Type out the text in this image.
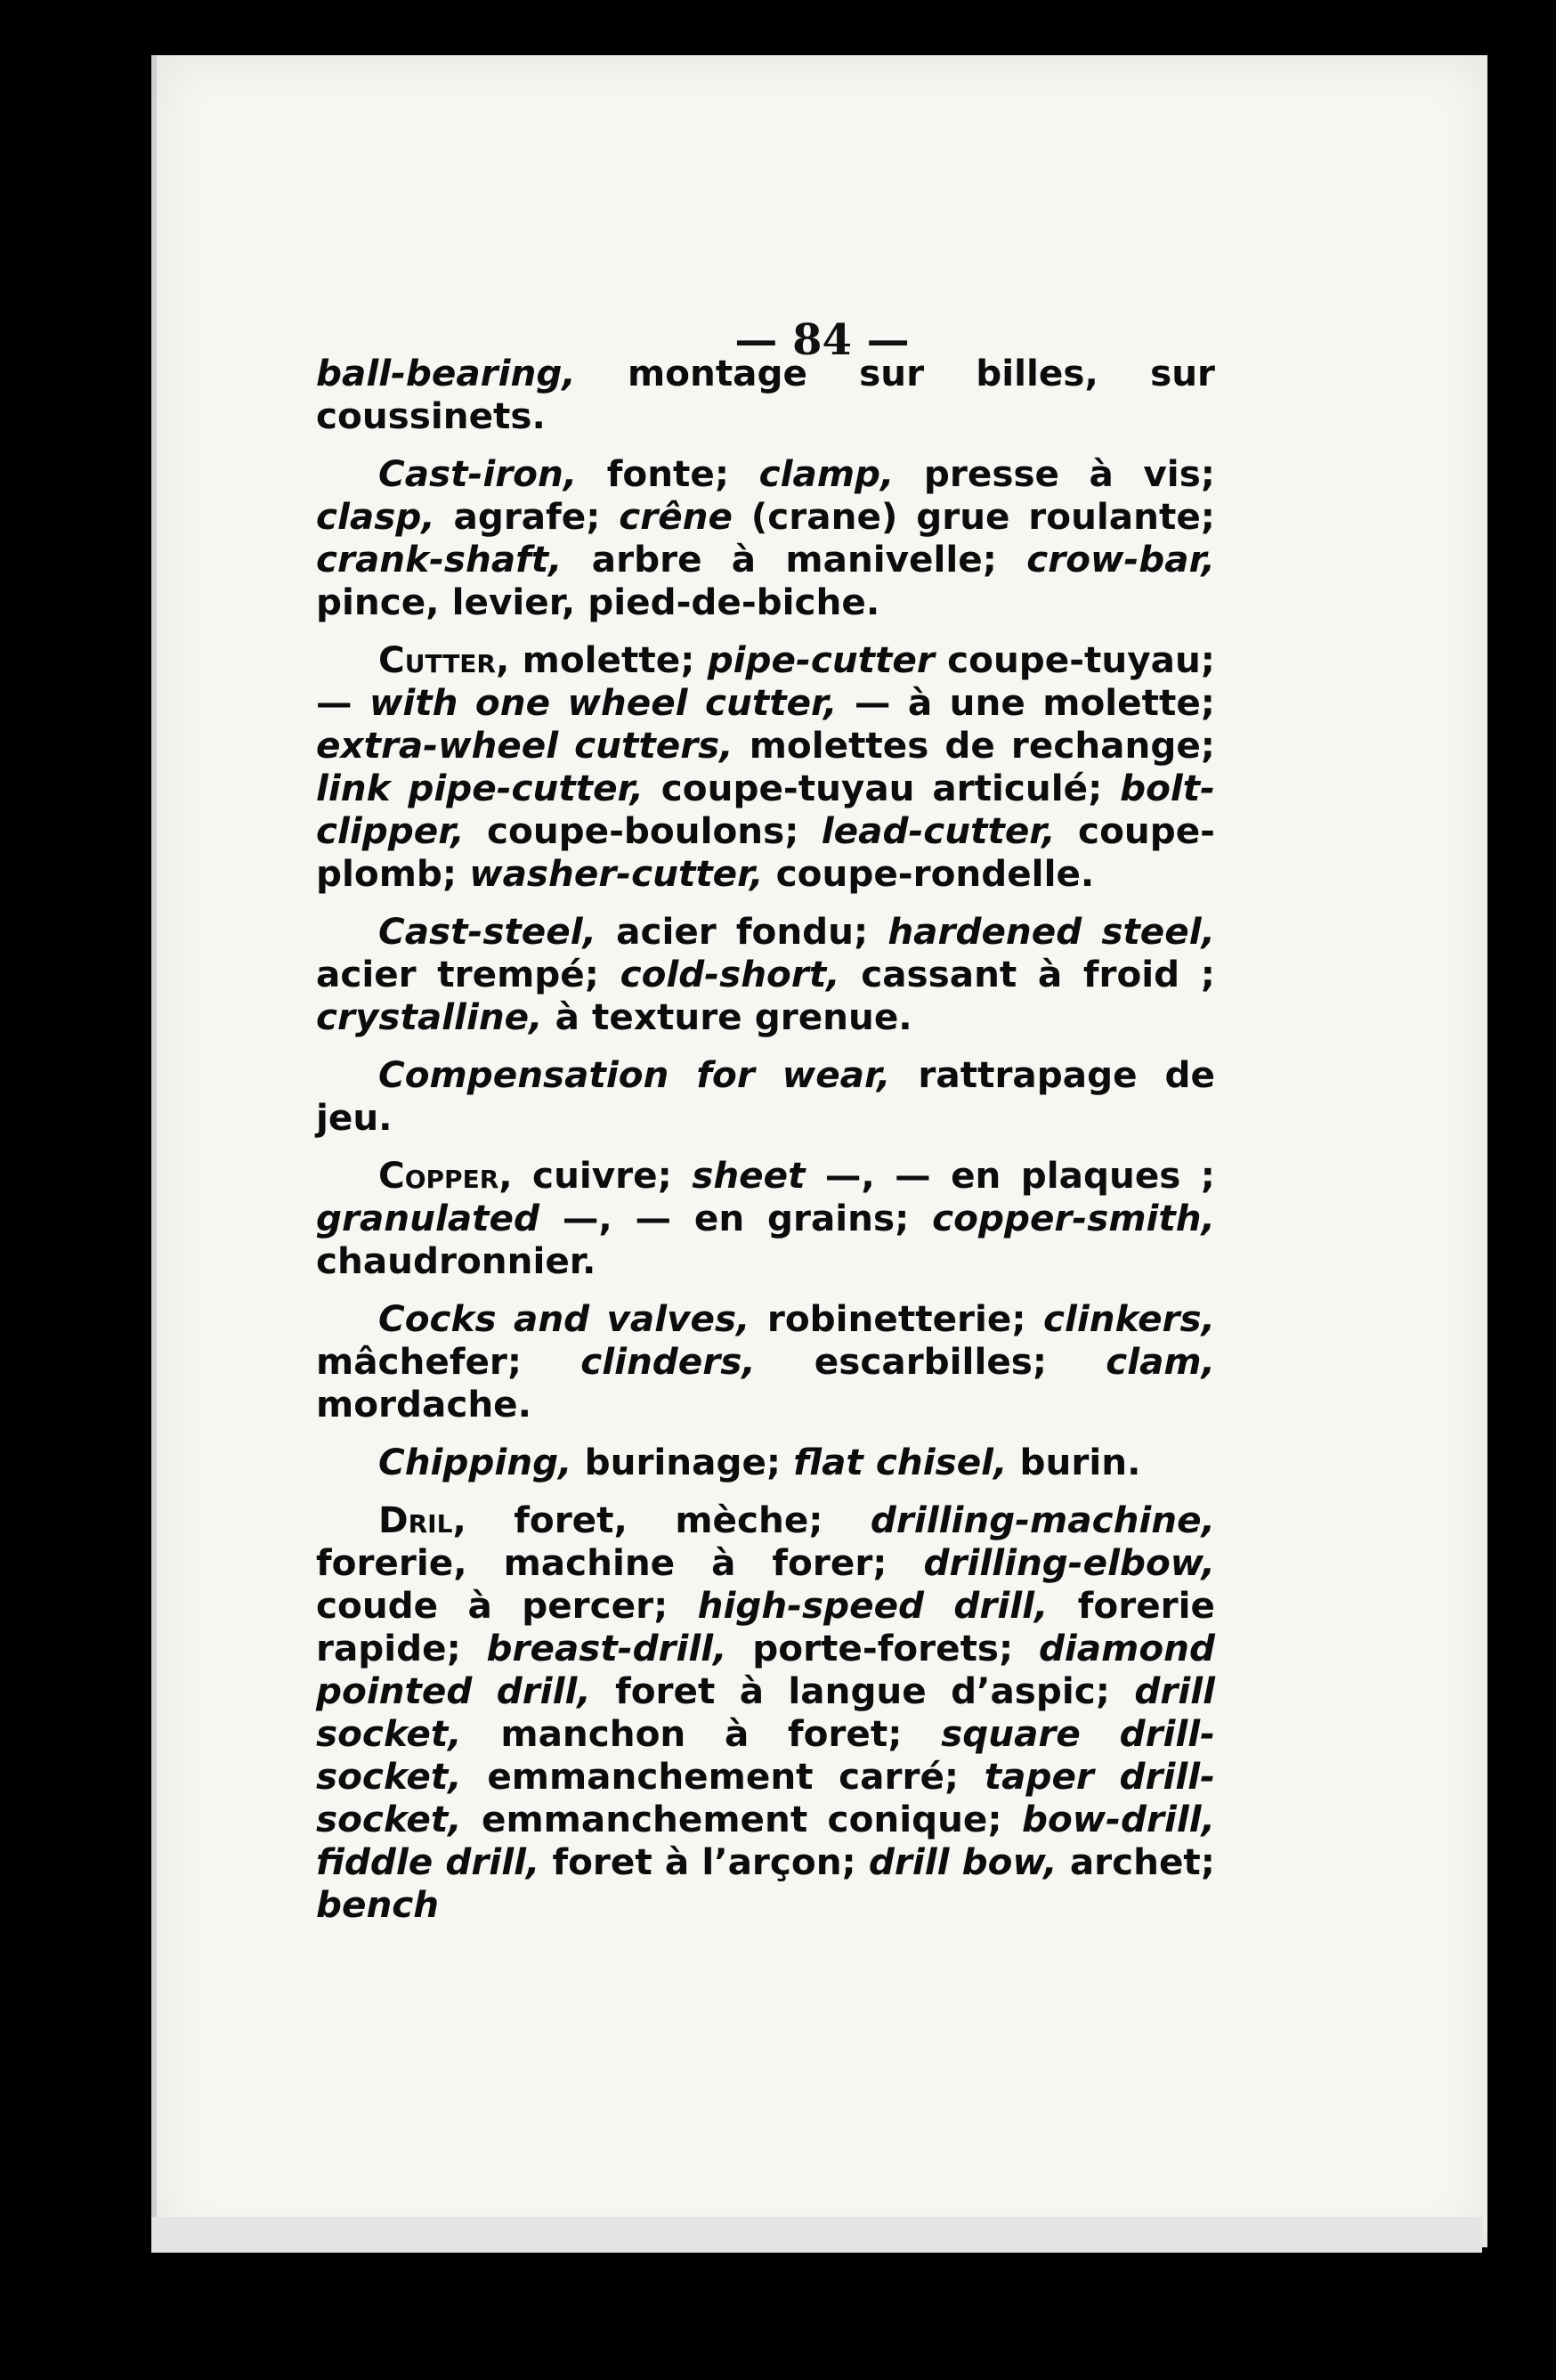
— 84 —

ball-bearing, montage sur billes, sur coussinets.

Cast-iron, fonte; clamp, presse à vis; clasp, agrafe; crêne (crane) grue roulante; crank-shaft, arbre à manivelle; crow-bar, pince, levier, pied-de-biche.

Cutter, molette; pipe-cutter coupe-tuyau; — with one wheel cutter, — à une molette; extra-wheel cutters, molettes de rechange; link pipe-cutter, coupe-tuyau articulé; bolt-clipper, coupe-boulons; lead-cutter, coupe-plomb; washer-cutter, coupe-rondelle.

Cast-steel, acier fondu; hardened steel, acier trempé; cold-short, cassant à froid ; crystalline, à texture grenue.

Compensation for wear, rattrapage de jeu.

Copper, cuivre; sheet —, — en plaques ; granulated —, — en grains; copper-smith, chaudronnier.

Cocks and valves, robinetterie; clinkers, mâchefer; clinders, escarbilles; clam, mordache.

Chipping, burinage; flat chisel, burin.

Dril, foret, mèche; drilling-machine, forerie, machine à forer; drilling-elbow, coude à percer; high-speed drill, forerie rapide; breast-drill, porte-forets; diamond pointed drill, foret à langue d’aspic; drill socket, manchon à foret; square drill-socket, emmanchement carré; taper drill-socket, emmanchement conique; bow-drill, fiddle drill, foret à l’arçon; drill bow, archet; bench
